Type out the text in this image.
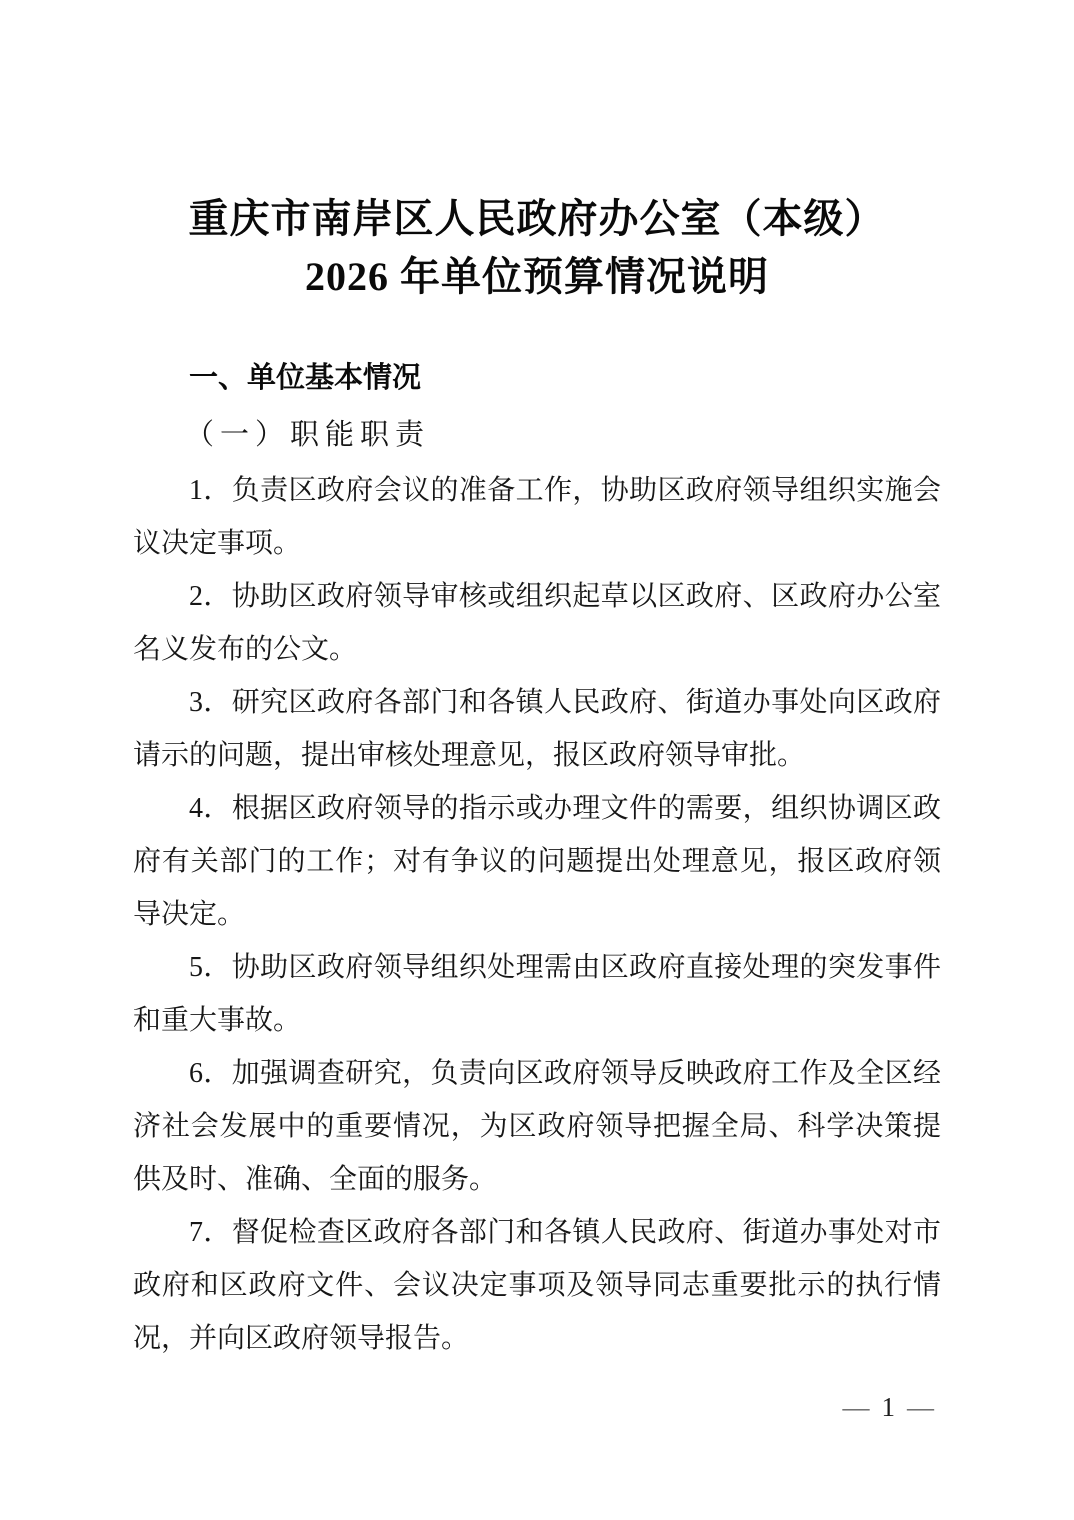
重庆市南岸区人民政府办公室（本级）
2026 年单位预算情况说明
一、单位基本情况
（一）职能职责

1．负责区政府会议的准备工作，协助区政府领导组织实施会议决定事项。

2．协助区政府领导审核或组织起草以区政府、区政府办公室名义发布的公文。

3．研究区政府各部门和各镇人民政府、街道办事处向区政府请示的问题，提出审核处理意见，报区政府领导审批。

4．根据区政府领导的指示或办理文件的需要，组织协调区政府有关部门的工作；对有争议的问题提出处理意见，报区政府领导决定。

5．协助区政府领导组织处理需由区政府直接处理的突发事件和重大事故。

6．加强调查研究，负责向区政府领导反映政府工作及全区经济社会发展中的重要情况，为区政府领导把握全局、科学决策提供及时、准确、全面的服务。

7．督促检查区政府各部门和各镇人民政府、街道办事处对市政府和区政府文件、会议决定事项及领导同志重要批示的执行情况，并向区政府领导报告。

— 1 —
